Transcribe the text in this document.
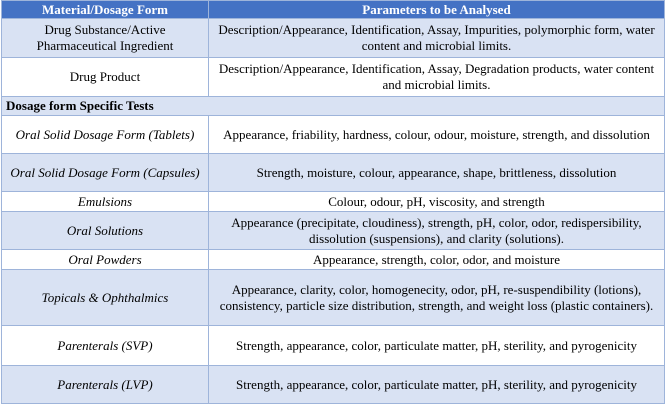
Material/Dosage Form	Parameters to be Analysed
Drug Substance/Active Pharmaceutical Ingredient	Description/Appearance, Identification, Assay, Impurities, polymorphic form, water content and microbial limits.
Drug Product	Description/Appearance, Identification, Assay, Degradation products, water content and microbial limits.
Dosage form Specific Tests	
Oral Solid Dosage Form (Tablets)	Appearance, friability, hardness, colour, odour, moisture, strength, and dissolution
Oral Solid Dosage Form (Capsules)	Strength, moisture, colour, appearance, shape, brittleness, dissolution
Emulsions	Colour, odour, pH, viscosity, and strength
Oral Solutions	Appearance (precipitate, cloudiness), strength, pH, color, odor, redispersibility, dissolution (suspensions), and clarity (solutions).
Oral Powders	Appearance, strength, color, odor, and moisture
Topicals & Ophthalmics	Appearance, clarity, color, homogenecity, odor, pH, re-suspendibility (lotions), consistency, particle size distribution, strength, and weight loss (plastic containers).
Parenterals (SVP)	Strength, appearance, color, particulate matter, pH, sterility, and pyrogenicity
Parenterals (LVP)	Strength, appearance, color, particulate matter, pH, sterility, and pyrogenicity
